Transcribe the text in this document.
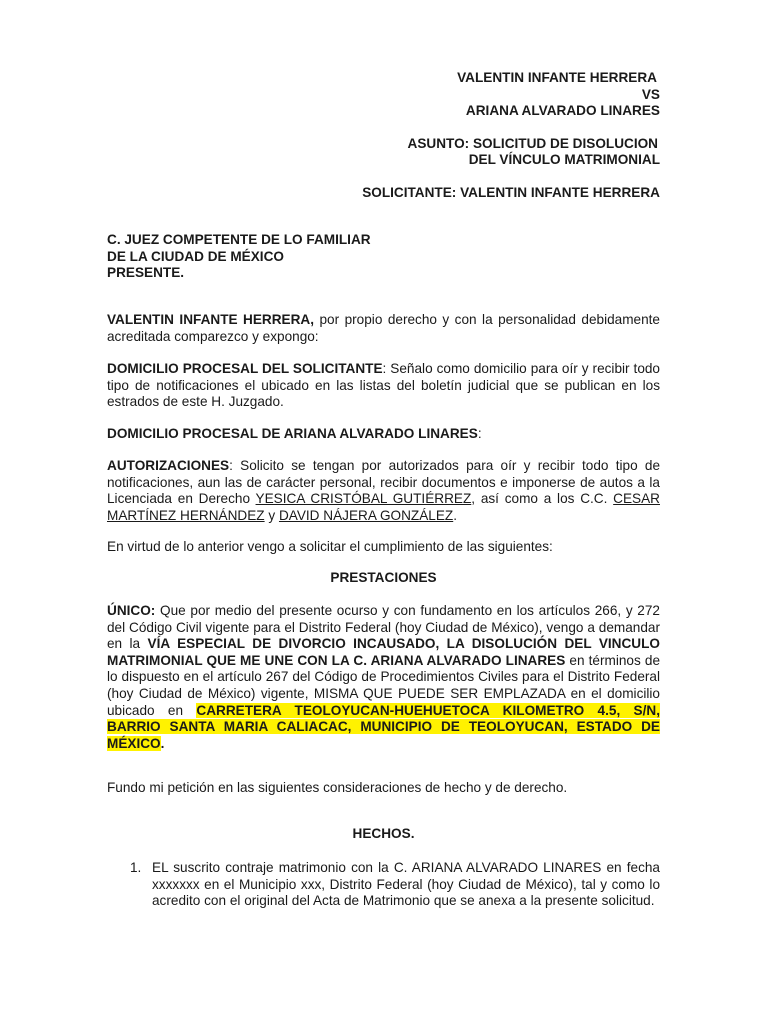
VALENTIN INFANTE HERRERA

VS

ARIANA ALVARADO LINARES

ASUNTO: SOLICITUD DE DISOLUCION

DEL VÍNCULO MATRIMONIAL

SOLICITANTE: VALENTIN INFANTE HERRERA

C. JUEZ COMPETENTE DE LO FAMILIAR

DE LA CIUDAD DE MÉXICO

PRESENTE.

VALENTIN INFANTE HERRERA, por propio derecho y con la personalidad debidamente acreditada comparezco y expongo:

DOMICILIO PROCESAL DEL SOLICITANTE: Señalo como domicilio para oír y recibir todo tipo de notificaciones el ubicado en las listas del boletín judicial que se publican en los estrados de este H. Juzgado.

DOMICILIO PROCESAL DE ARIANA ALVARADO LINARES:

AUTORIZACIONES: Solicito se tengan por autorizados para oír y recibir todo tipo de notificaciones, aun las de carácter personal, recibir documentos e imponerse de autos a la Licenciada en Derecho YESICA CRISTÓBAL GUTIÉRREZ, así como a los C.C. CESAR MARTÍNEZ HERNÁNDEZ y DAVID NÁJERA GONZÁLEZ.

En virtud de lo anterior vengo a solicitar el cumplimiento de las siguientes:

PRESTACIONES

ÚNICO: Que por medio del presente ocurso y con fundamento en los artículos 266, y 272 del Código Civil vigente para el Distrito Federal (hoy Ciudad de México), vengo a demandar en la VÍA ESPECIAL DE DIVORCIO INCAUSADO, LA DISOLUCIÓN DEL VINCULO MATRIMONIAL QUE ME UNE CON LA C. ARIANA ALVARADO LINARES en términos de lo dispuesto en el artículo 267 del Código de Procedimientos Civiles para el Distrito Federal (hoy Ciudad de México) vigente, MISMA QUE PUEDE SER EMPLAZADA en el domicilio ubicado en CARRETERA TEOLOYUCAN-HUEHUETOCA KILOMETRO 4.5, S/N, BARRIO SANTA MARIA CALIACAC, MUNICIPIO DE TEOLOYUCAN, ESTADO DE MÉXICO.

Fundo mi petición en las siguientes consideraciones de hecho y de derecho.

HECHOS.

1. EL suscrito contraje matrimonio con la C. ARIANA ALVARADO LINARES en fecha xxxxxxx en el Municipio xxx, Distrito Federal (hoy Ciudad de México), tal y como lo acredito con el original del Acta de Matrimonio que se anexa a la presente solicitud.
